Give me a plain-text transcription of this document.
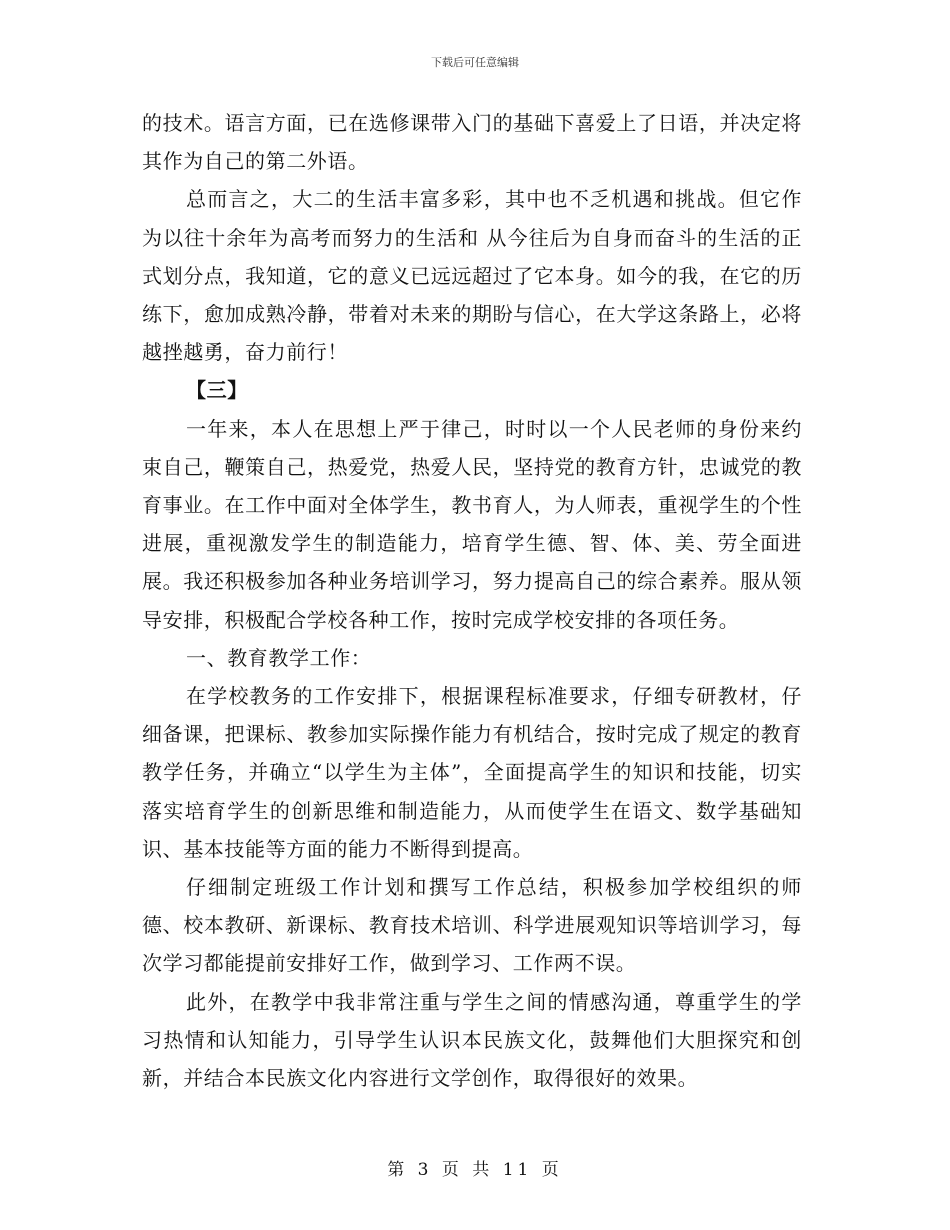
下载后可任意编辑

的技术。语言方面，已在选修课带入门的基础下喜爱上了日语，并决定将其作为自己的第二外语。

总而言之，大二的生活丰富多彩，其中也不乏机遇和挑战。但它作为以往十余年为高考而努力的生活和 从今往后为自身而奋斗的生活的正式划分点，我知道，它的意义已远远超过了它本身。如今的我，在它的历练下，愈加成熟冷静，带着对未来的期盼与信心，在大学这条路上，必将越挫越勇，奋力前行！

【三】

一年来，本人在思想上严于律己，时时以一个人民老师的身份来约束自己，鞭策自己，热爱党，热爱人民，坚持党的教育方针，忠诚党的教育事业。在工作中面对全体学生，教书育人，为人师表，重视学生的个性进展，重视激发学生的制造能力，培育学生德、智、体、美、劳全面进展。我还积极参加各种业务培训学习，努力提高自己的综合素养。服从领导安排，积极配合学校各种工作，按时完成学校安排的各项任务。

一、教育教学工作：

在学校教务的工作安排下，根据课程标准要求，仔细专研教材，仔细备课，把课标、教参加实际操作能力有机结合，按时完成了规定的教育教学任务，并确立“以学生为主体”，全面提高学生的知识和技能，切实落实培育学生的创新思维和制造能力，从而使学生在语文、数学基础知识、基本技能等方面的能力不断得到提高。

仔细制定班级工作计划和撰写工作总结，积极参加学校组织的师德、校本教研、新课标、教育技术培训、科学进展观知识等培训学习，每次学习都能提前安排好工作，做到学习、工作两不误。

此外，在教学中我非常注重与学生之间的情感沟通，尊重学生的学习热情和认知能力，引导学生认识本民族文化，鼓舞他们大胆探究和创新，并结合本民族文化内容进行文学创作，取得很好的效果。

第 3 页 共 11 页
